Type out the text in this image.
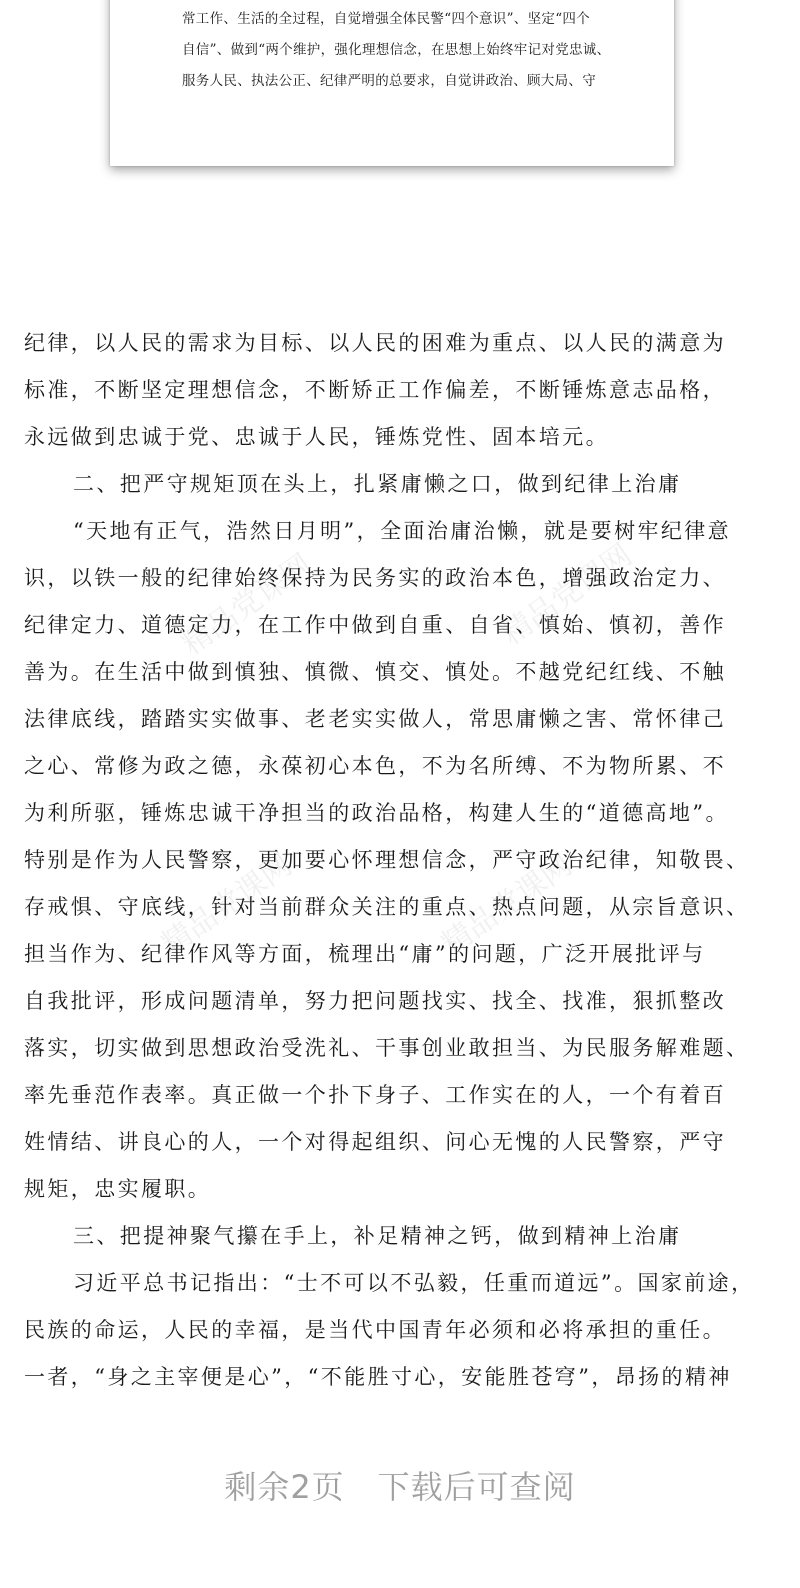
常工作、生活的全过程，自觉增强全体民警“四个意识”、坚定“四个
自信”、做到“两个维护，强化理想信念，在思想上始终牢记对党忠诚、
服务人民、执法公正、纪律严明的总要求，自觉讲政治、顾大局、守
精品党课网	精品党课网
精品党课网	精品党课网
纪律，以人民的需求为目标、以人民的困难为重点、以人民的满意为
标准，不断坚定理想信念，不断矫正工作偏差，不断锤炼意志品格，
永远做到忠诚于党、忠诚于人民，锤炼党性、固本培元。
二、把严守规矩顶在头上，扎紧庸懒之口，做到纪律上治庸
“天地有正气，浩然日月明”，全面治庸治懒，就是要树牢纪律意
识，以铁一般的纪律始终保持为民务实的政治本色，增强政治定力、
纪律定力、道德定力，在工作中做到自重、自省、慎始、慎初，善作
善为。在生活中做到慎独、慎微、慎交、慎处。不越党纪红线、不触
法律底线，踏踏实实做事、老老实实做人，常思庸懒之害、常怀律己
之心、常修为政之德，永葆初心本色，不为名所缚、不为物所累、不
为利所驱，锤炼忠诚干净担当的政治品格，构建人生的“道德高地”。
特别是作为人民警察，更加要心怀理想信念，严守政治纪律，知敬畏、
存戒惧、守底线，针对当前群众关注的重点、热点问题，从宗旨意识、
担当作为、纪律作风等方面，梳理出“庸”的问题，广泛开展批评与
自我批评，形成问题清单，努力把问题找实、找全、找准，狠抓整改
落实，切实做到思想政治受洗礼、干事创业敢担当、为民服务解难题、
率先垂范作表率。真正做一个扑下身子、工作实在的人，一个有着百
姓情结、讲良心的人，一个对得起组织、问心无愧的人民警察，严守
规矩，忠实履职。
三、把提神聚气攥在手上，补足精神之钙，做到精神上治庸
习近平总书记指出：“士不可以不弘毅，任重而道远”。国家前途，
民族的命运，人民的幸福，是当代中国青年必须和必将承担的重任。
一者，“身之主宰便是心”，“不能胜寸心，安能胜苍穹”，昂扬的精神
剩余2页　下载后可查阅
